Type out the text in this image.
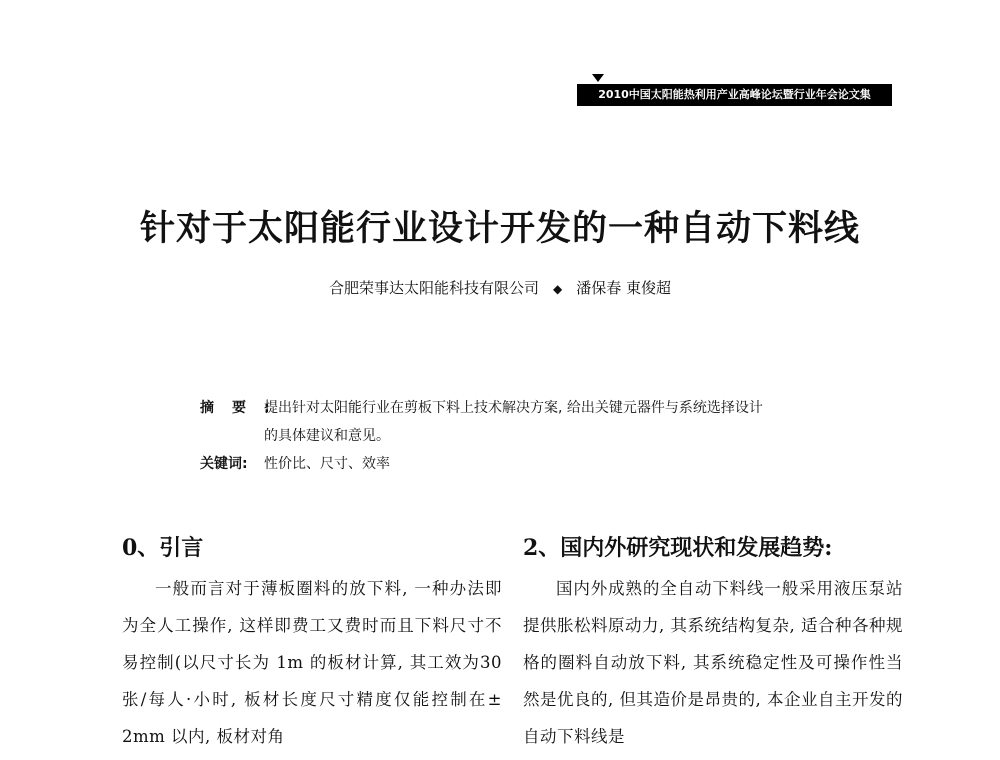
2010中国太阳能热利用产业高峰论坛暨行业年会论文集
针对于太阳能行业设计开发的一种自动下料线
合肥荣事达太阳能科技有限公司 ◆ 潘保春 東俊超
摘要:
提出针对太阳能行业在剪板下料上技术解决方案, 给出关键元器件与系统选择设计
的具体建议和意见。
关键词:	性价比、尺寸、效率
0、引言

一般而言对于薄板圈料的放下料, 一种办法即为全人工操作, 这样即费工又费时而且下料尺寸不易控制(以尺寸长为 1m 的板材计算, 其工效为30张/每人·小时, 板材长度尺寸精度仅能控制在± 2mm 以内, 板材对角

2、国内外研究现状和发展趋势:

国内外成熟的全自动下料线一般采用液压泵站提供胀松料原动力, 其系统结构复杂, 适合种各种规格的圈料自动放下料, 其系统稳定性及可操作性当然是优良的, 但其造价是昂贵的, 本企业自主开发的自动下料线是
